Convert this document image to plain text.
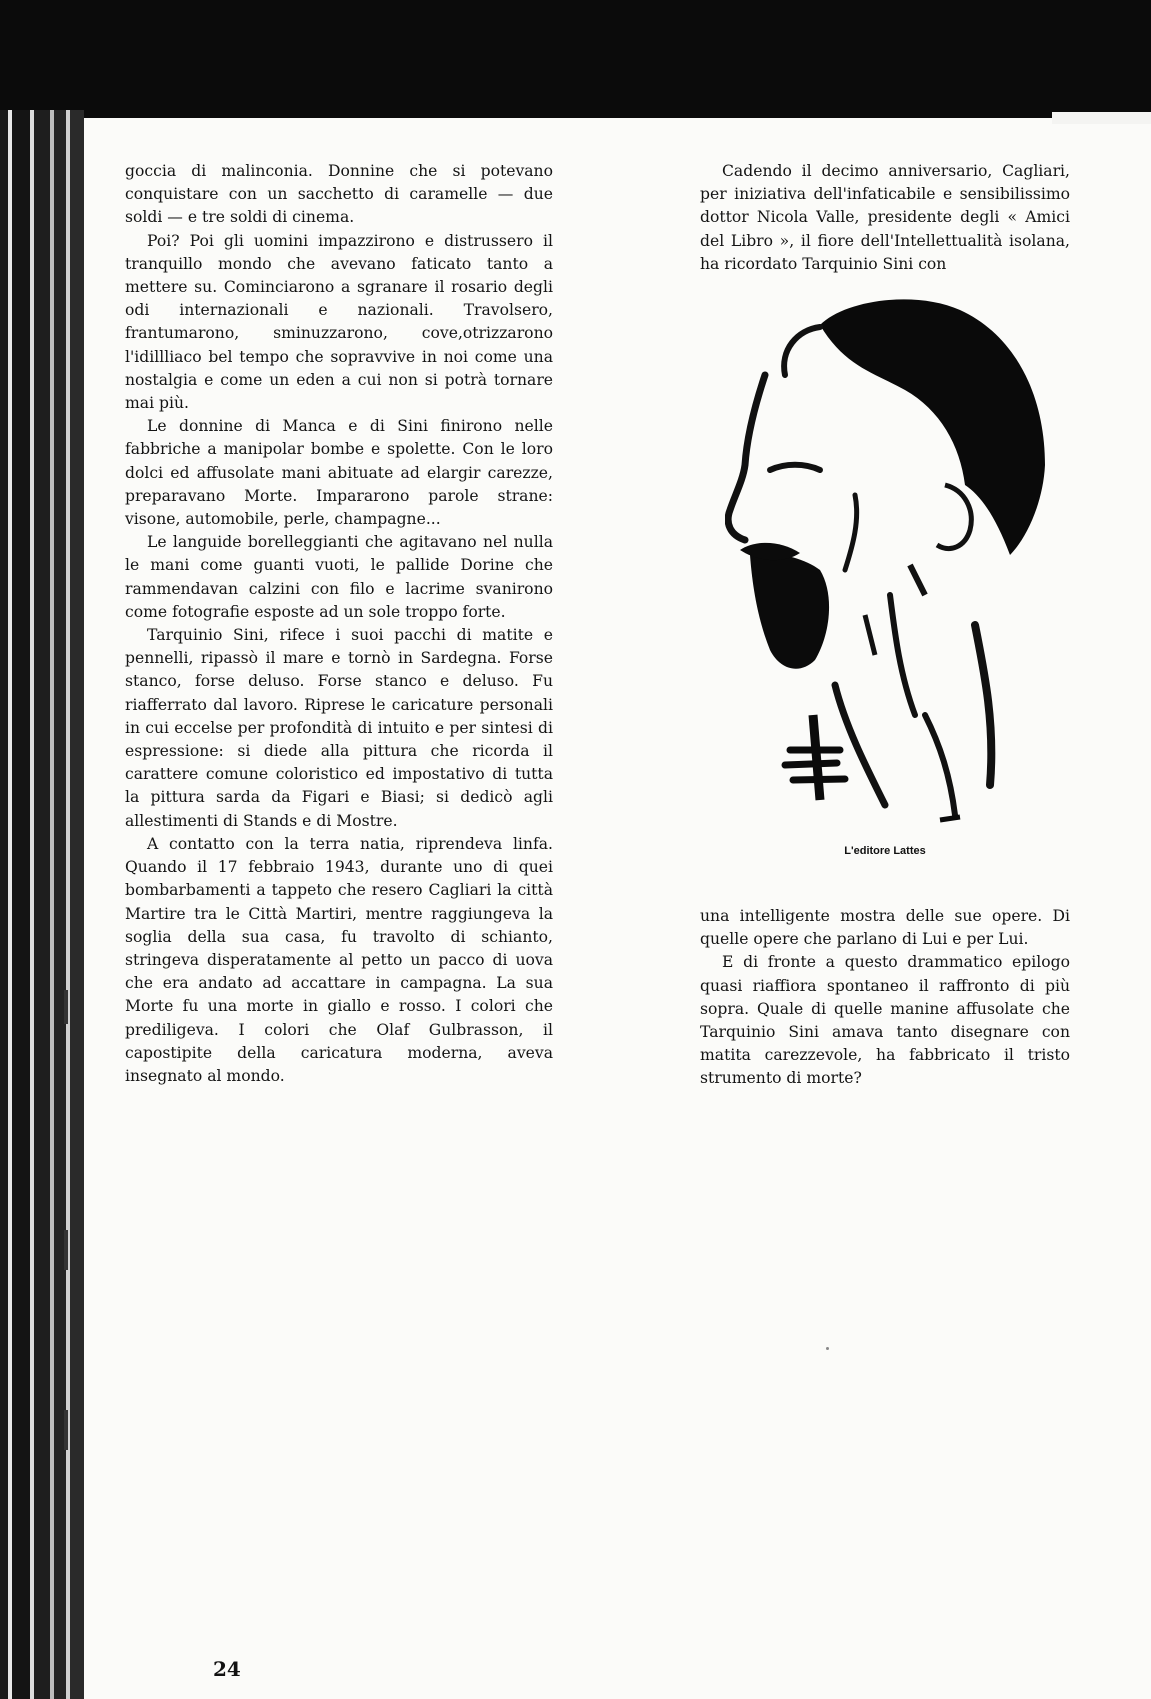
goccia di malinconia. Donnine che si potevano conquistare con un sacchetto di caramelle — due soldi — e tre soldi di cinema.

Poi? Poi gli uomini impazzirono e distrussero il tranquillo mondo che avevano faticato tanto a mettere su. Cominciarono a sgranare il rosario degli odi internazionali e nazionali. Travolsero, frantumarono, sminuzzarono, cove,otrizzarono l'idillliaco bel tempo che sopravvive in noi come una nostalgia e come un eden a cui non si potrà tornare mai più.

Le donnine di Manca e di Sini finirono nelle fabbriche a manipolar bombe e spolette. Con le loro dolci ed affusolate mani abituate ad elargir carezze, preparavano Morte. Impararono parole strane: visone, automobile, perle, champagne...

Le languide borelleggianti che agitavano nel nulla le mani come guanti vuoti, le pallide Dorine che rammendavan calzini con filo e lacrime svanirono come fotografie esposte ad un sole troppo forte.

Tarquinio Sini, rifece i suoi pacchi di matite e pennelli, ripassò il mare e tornò in Sardegna. Forse stanco, forse deluso. Forse stanco e deluso. Fu riafferrato dal lavoro. Riprese le caricature personali in cui eccelse per profondità di intuito e per sintesi di espressione: si diede alla pittura che ricorda il carattere comune coloristico ed impostativo di tutta la pittura sarda da Figari e Biasi; si dedicò agli allestimenti di Stands e di Mostre.

A contatto con la terra natia, riprendeva linfa. Quando il 17 febbraio 1943, durante uno di quei bombarbamenti a tappeto che resero Cagliari la città Martire tra le Città Martiri, mentre raggiungeva la soglia della sua casa, fu travolto di schianto, stringeva disperatamente al petto un pacco di uova che era andato ad accattare in campagna. La sua Morte fu una morte in giallo e rosso. I colori che prediligeva. I colori che Olaf Gulbrasson, il capostipite della caricatura moderna, aveva insegnato al mondo.

Cadendo il decimo anniversario, Cagliari, per iniziativa dell'infaticabile e sensibilissimo dottor Nicola Valle, presidente degli « Amici del Libro », il fiore dell'Intellettualità isolana, ha ricordato Tarquinio Sini con

L'editore Lattes

una intelligente mostra delle sue opere. Di quelle opere che parlano di Lui e per Lui.

E di fronte a questo drammatico epilogo quasi riaffiora spontaneo il raffronto di più sopra. Quale di quelle manine affusolate che Tarquinio Sini amava tanto disegnare con matita carezzevole, ha fabbricato il tristo strumento di morte?

24
